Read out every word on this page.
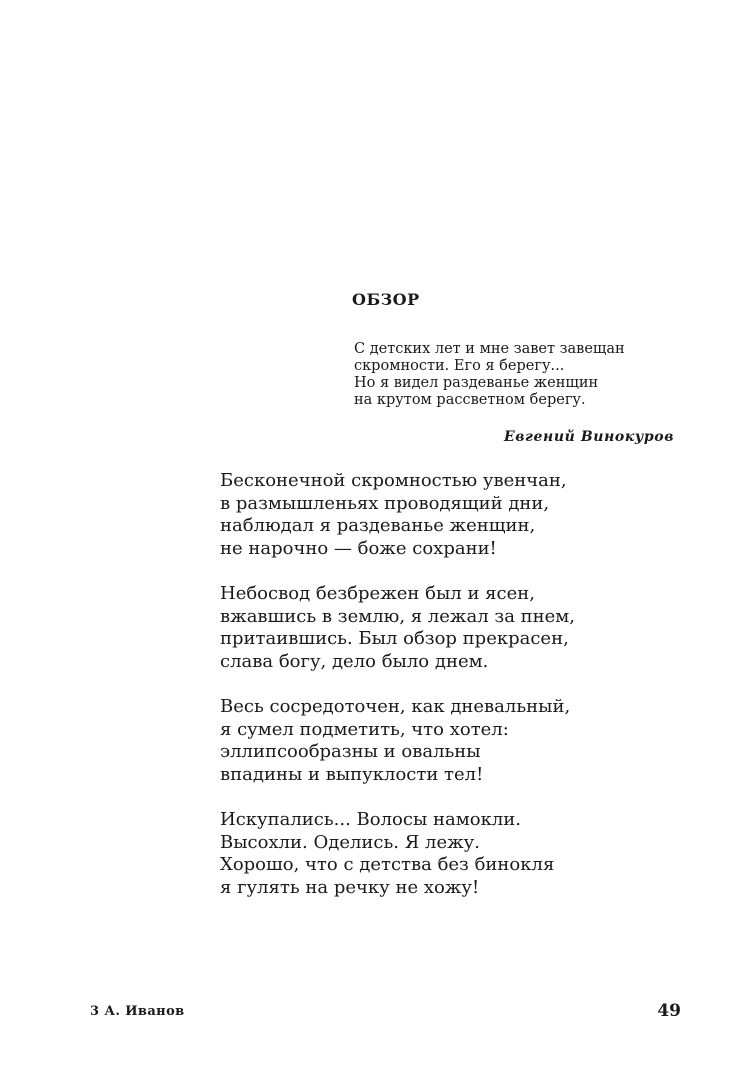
ОБЗОР
С детских лет и мне завет завещан
скромности. Его я берегу...
Но я видел раздеванье женщин
на крутом рассветном берегу.
Евгений Винокуров
Бесконечной скромностью увенчан,
в размышленьях проводящий дни,
наблюдал я раздеванье женщин,
не нарочно — боже сохрани!
Небосвод безбрежен был и ясен,
вжавшись в землю, я лежал за пнем,
притаившись. Был обзор прекрасен,
слава богу, дело было днем.
Весь сосредоточен, как дневальный,
я сумел подметить, что хотел:
эллипсообразны и овальны
впадины и выпуклости тел!
Искупались... Волосы намокли.
Высохли. Оделись. Я лежу.
Хорошо, что с детства без бинокля
я гулять на речку не хожу!
3 А. Иванов	49
